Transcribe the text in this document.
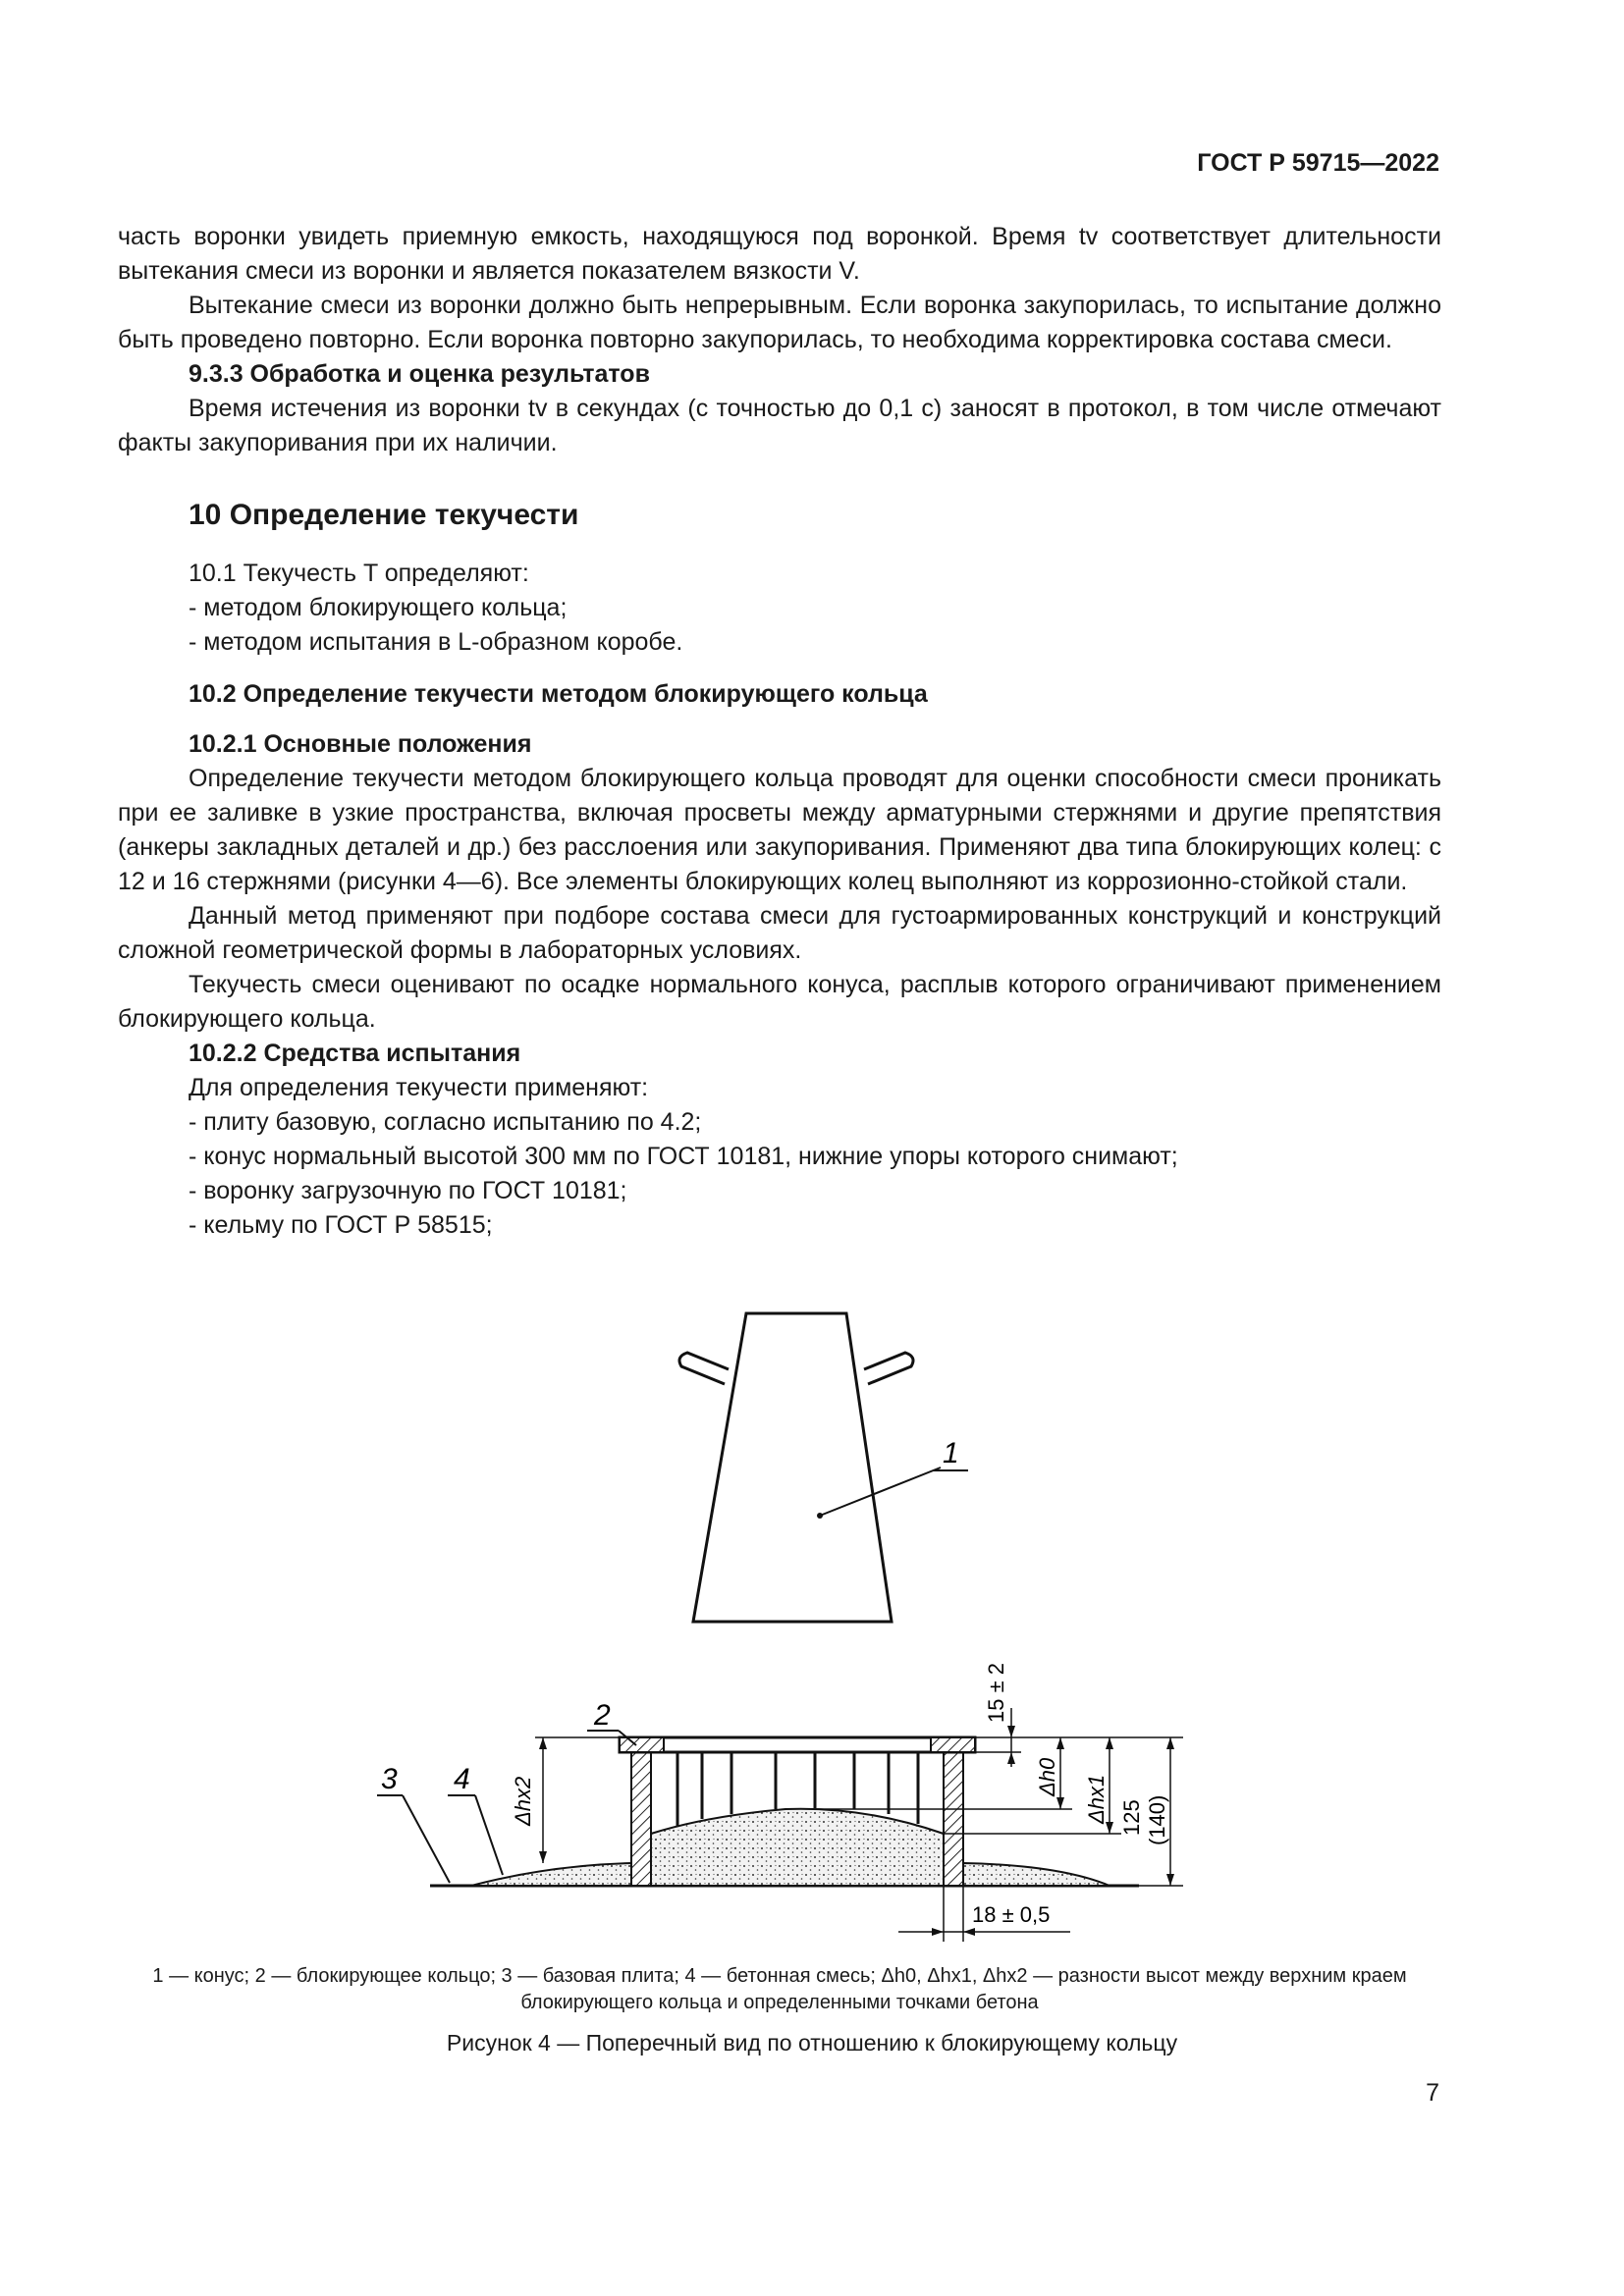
ГОСТ Р 59715—2022

часть воронки увидеть приемную емкость, находящуюся под воронкой. Время tv соответствует длительности вытекания смеси из воронки и является показателем вязкости V.

Вытекание смеси из воронки должно быть непрерывным. Если воронка закупорилась, то испытание должно быть проведено повторно. Если воронка повторно закупорилась, то необходима корректировка состава смеси.

9.3.3 Обработка и оценка результатов

Время истечения из воронки tv в секундах (с точностью до 0,1 с) заносят в протокол, в том числе отмечают факты закупоривания при их наличии.

10 Определение текучести

10.1 Текучесть T определяют:

- методом блокирующего кольца;

- методом испытания в L-образном коробе.

10.2 Определение текучести методом блокирующего кольца

10.2.1 Основные положения

Определение текучести методом блокирующего кольца проводят для оценки способности смеси проникать при ее заливке в узкие пространства, включая просветы между арматурными стержнями и другие препятствия (анкеры закладных деталей и др.) без расслоения или закупоривания. Применяют два типа блокирующих колец: с 12 и 16 стержнями (рисунки 4—6). Все элементы блокирующих колец выполняют из коррозионно-стойкой стали.

Данный метод применяют при подборе состава смеси для густоармированных конструкций и конструкций сложной геометрической формы в лабораторных условиях.

Текучесть смеси оценивают по осадке нормального конуса, расплыв которого ограничивают применением блокирующего кольца.

10.2.2 Средства испытания

Для определения текучести применяют:

- плиту базовую, согласно испытанию по 4.2;

- конус нормальный высотой 300 мм по ГОСТ 10181, нижние упоры которого снимают;

- воронку загрузочную по ГОСТ 10181;

- кельму по ГОСТ Р 58515;

1
2
3 4 Δhx2
15 ± 2
Δh0 Δhx1 125 (140)
18 ± 0,5
1 — конус; 2 — блокирующее кольцо; 3 — базовая плита; 4 — бетонная смесь; Δh0, Δhx1, Δhx2 — разности высот между верхним краем блокирующего кольца и определенными точками бетона
Рисунок 4 — Поперечный вид по отношению к блокирующему кольцу
7
